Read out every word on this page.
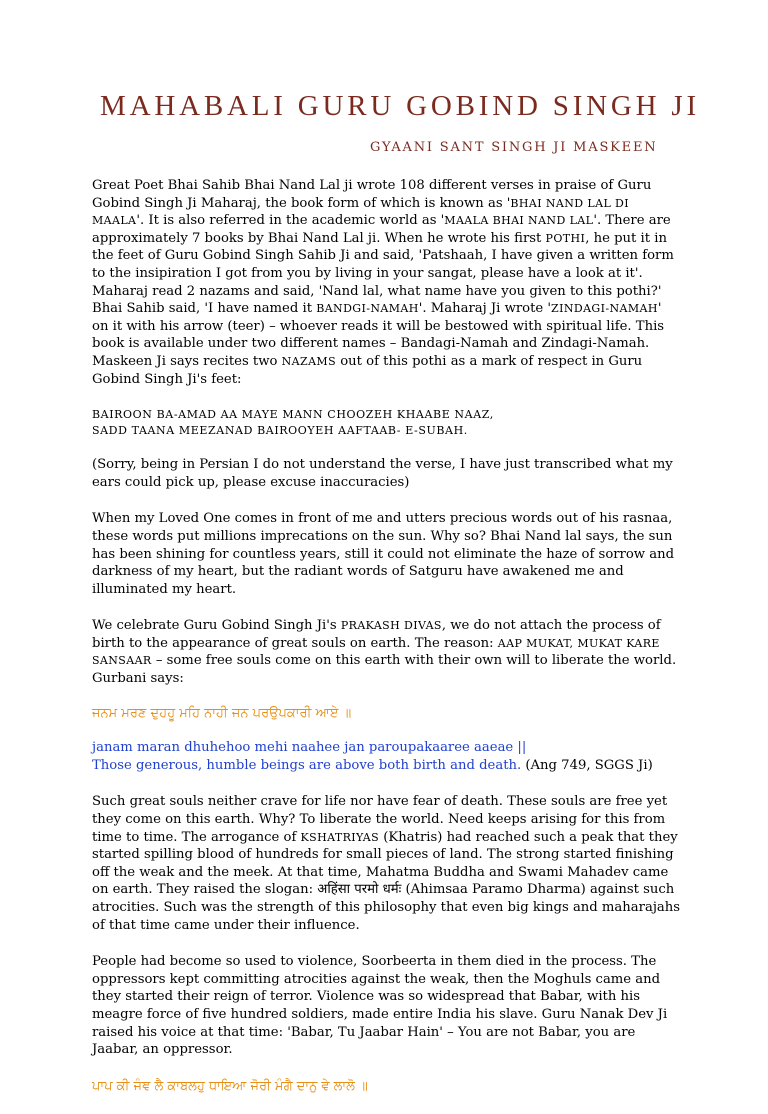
MAHABALI GURU GOBIND SINGH JI
GYAANI SANT SINGH JI MASKEEN

Great Poet Bhai Sahib Bhai Nand Lal ji wrote 108 different verses in praise of Guru Gobind Singh Ji Maharaj, the book form of which is known as 'BHAI NAND LAL DI MAALA'. It is also referred in the academic world as 'MAALA BHAI NAND LAL'. There are approximately 7 books by Bhai Nand Lal ji. When he wrote his first POTHI, he put it in the feet of Guru Gobind Singh Sahib Ji and said, 'Patshaah, I have given a written form to the insipiration I got from you by living in your sangat, please have a look at it'. Maharaj read 2 nazams and said, 'Nand lal, what name have you given to this pothi?' Bhai Sahib said, 'I have named it BANDGI-NAMAH'. Maharaj Ji wrote 'ZINDAGI-NAMAH' on it with his arrow (teer) – whoever reads it will be bestowed with spiritual life. This book is available under two different names – Bandagi-Namah and Zindagi-Namah. Maskeen Ji says recites two NAZAMS out of this pothi as a mark of respect in Guru Gobind Singh Ji's feet:

BAIROON BA-AMAD AA MAYE MANN CHOOZEH KHAABE NAAZ,
SADD TAANA MEEZANAD BAIROOYEH AAFTAAB- E-SUBAH.

(Sorry, being in Persian I do not understand the verse, I have just transcribed what my ears could pick up, please excuse inaccuracies)

When my Loved One comes in front of me and utters precious words out of his rasnaa, these words put millions imprecations on the sun. Why so? Bhai Nand lal says, the sun has been shining for countless years, still it could not eliminate the haze of sorrow and darkness of my heart, but the radiant words of Satguru have awakened me and illuminated my heart.

We celebrate Guru Gobind Singh Ji's PRAKASH DIVAS, we do not attach the process of birth to the appearance of great souls on earth. The reason: AAP MUKAT, MUKAT KARE SANSAAR – some free souls come on this earth with their own will to liberate the world. Gurbani says:

ਜਨਮ ਮਰਣ ਦੁਹਹੂ ਮਹਿ ਨਾਹੀ ਜਨ ਪਰਉਪਕਾਰੀ ਆਏ ॥

janam maran dhuhehoo mehi naahee jan paroupakaaree aaeae ||
Those generous, humble beings are above both birth and death. (Ang 749, SGGS Ji)

Such great souls neither crave for life nor have fear of death. These souls are free yet they come on this earth. Why? To liberate the world. Need keeps arising for this from time to time. The arrogance of KSHATRIYAS (Khatris) had reached such a peak that they started spilling blood of hundreds for small pieces of land. The strong started finishing off the weak and the meek. At that time, Mahatma Buddha and Swami Mahadev came on earth. They raised the slogan: अहिंसा परमो धर्मः (Ahimsaa Paramo Dharma) against such atrocities. Such was the strength of this philosophy that even big kings and maharajahs of that time came under their influence.

People had become so used to violence, Soorbeerta in them died in the process. The oppressors kept committing atrocities against the weak, then the Moghuls came and they started their reign of terror. Violence was so widespread that Babar, with his meagre force of five hundred soldiers, made entire India his slave. Guru Nanak Dev Ji raised his voice at that time: 'Babar, Tu Jaabar Hain' – You are not Babar, you are Jaabar, an oppressor.

ਪਾਪ ਕੀ ਜੰਞ ਲੈ ਕਾਬਲਹੁ ਧਾਇਆ ਜੋਰੀ ਮੰਗੈ ਦਾਨੁ ਵੇ ਲਾਲੋ ॥
